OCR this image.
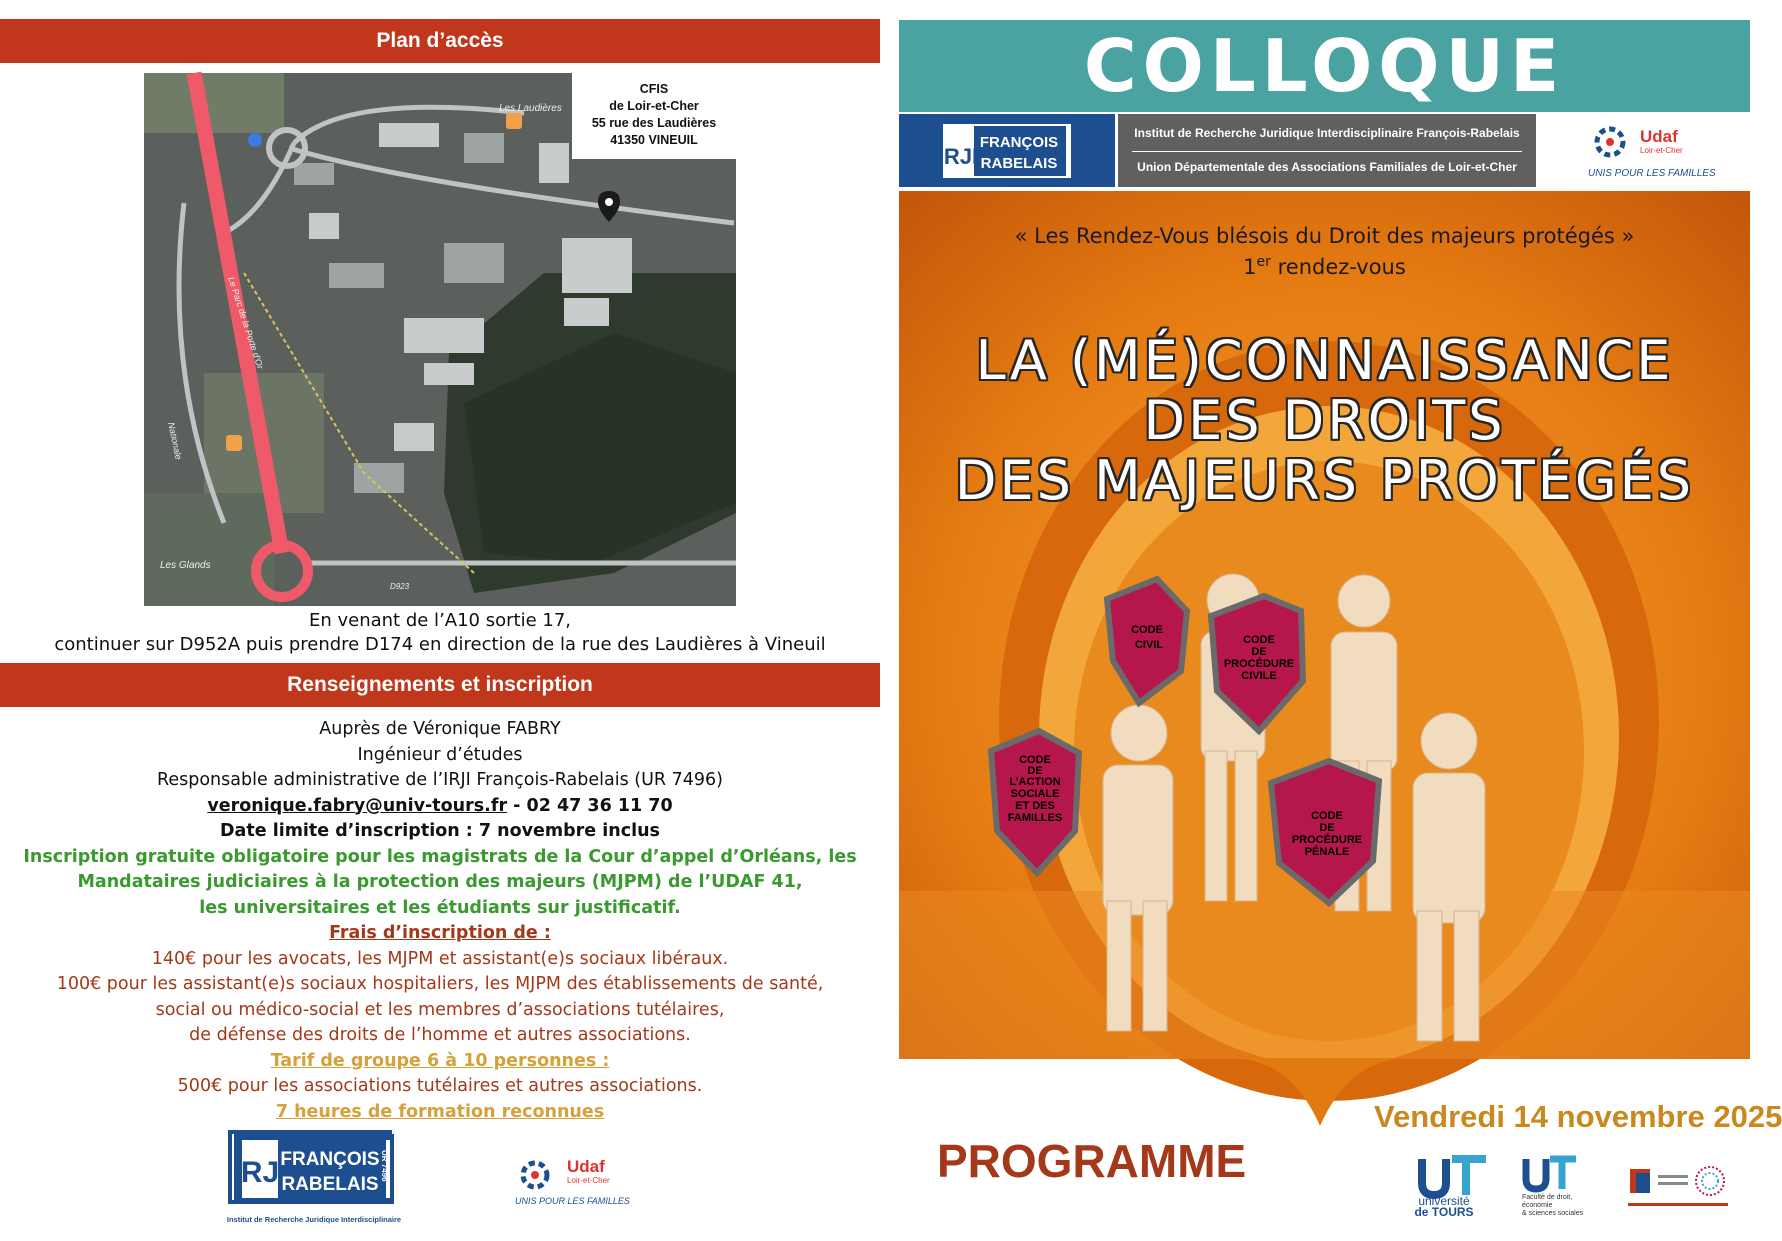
Plan d’accès
CFIS
de Loir-et-Cher
55 rue des Laudières
41350 VINEUIL
Les Laudières
Les Glands
D923
Le Parc de la Porte d'Or
Nationale
En venant de l’A10 sortie 17,
continuer sur D952A puis prendre D174 en direction de la rue des Laudières à Vineuil
Renseignements et inscription
Auprès de Véronique FABRY
Ingénieur d’études
Responsable administrative de l’IRJI François-Rabelais (UR 7496)
veronique.fabry@univ-tours.fr - 02 47 36 11 70
Date limite d’inscription : 7 novembre inclus
Inscription gratuite obligatoire pour les magistrats de la Cour d’appel d’Orléans, les
Mandataires judiciaires à la protection des majeurs (MJPM) de l’UDAF 41,
les universitaires et les étudiants sur justificatif.
Frais d’inscription de :
140€ pour les avocats, les MJPM et assistant(e)s sociaux libéraux.
100€ pour les assistant(e)s sociaux hospitaliers, les MJPM des établissements de santé,
social ou médico-social et les membres d’associations tutélaires,
de défense des droits de l’homme et autres associations.
Tarif de groupe 6 à 10 personnes :
500€ pour les associations tutélaires et autres associations.
7 heures de formation reconnues
IRJI
FRANÇOIS
RABELAIS
UR 7496
Institut de Recherche Juridique Interdisciplinaire
Udaf
Loir-et-Cher
UNIS POUR LES FAMILLES
COLLOQUE
IRJI
FRANÇOIS
RABELAIS
Institut de Recherche Juridique Interdisciplinaire François-Rabelais
Union Départementale des Associations Familiales de Loir-et-Cher
Udaf
Loir-et-Cher
UNIS POUR LES FAMILLES
CODE
CIVIL	CODE
DE
PROCÉDURE
CIVILE
CODE
DE
L’ACTION
SOCIALE
ET DES
FAMILLES	CODE
DE
PROCÉDURE
PÉNALE
« Les Rendez-Vous blésois du Droit des majeurs protégés »
1er rendez-vous
LA (MÉ)CONNAISSANCE
DES DROITS
DES MAJEURS PROTÉGÉS
Vendredi 14 novembre 2025
PROGRAMME
université
de TOURS
Faculté de droit,
économie
& sciences sociales
